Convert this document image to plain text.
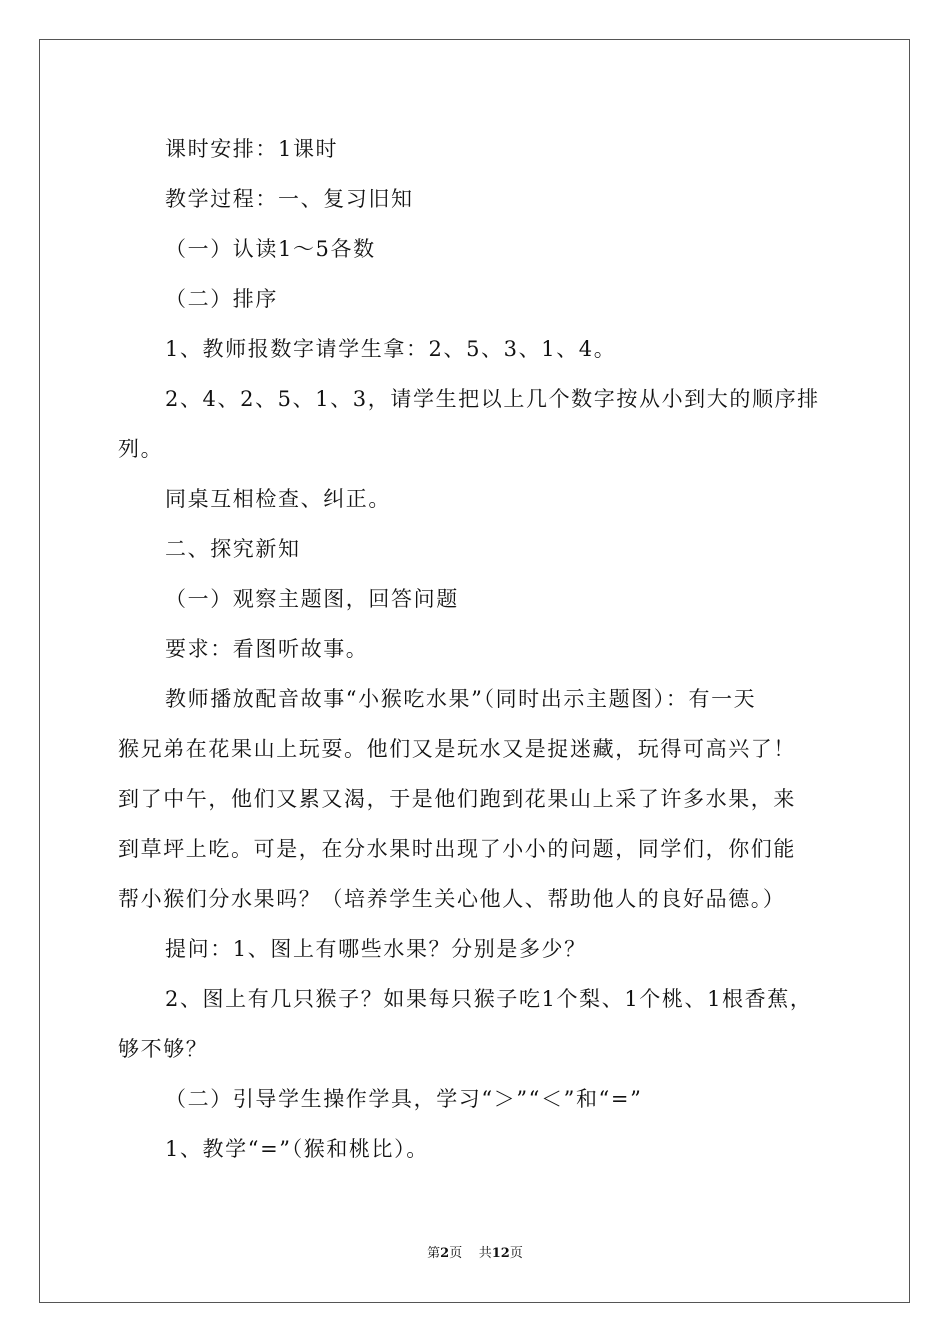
课时安排：1课时
教学过程：一、复习旧知
（一）认读1～5各数
（二）排序
1、教师报数字请学生拿：2、5、3、1、4。
2、4、2、5、1、3，请学生把以上几个数字按从小到大的顺序排
列。
同桌互相检查、纠正。
二、探究新知
（一）观察主题图，回答问题
要求：看图听故事。
教师播放配音故事“小猴吃水果”（同时出示主题图）：有一天
猴兄弟在花果山上玩耍。他们又是玩水又是捉迷藏，玩得可高兴了！
到了中午，他们又累又渴，于是他们跑到花果山上采了许多水果，来
到草坪上吃。可是，在分水果时出现了小小的问题，同学们，你们能
帮小猴们分水果吗？（培养学生关心他人、帮助他人的良好品德。）
提问：1、图上有哪些水果？分别是多少？
2、图上有几只猴子？如果每只猴子吃1个梨、1个桃、1根香蕉，
够不够？
（二）引导学生操作学具，学习“＞”“＜”和“=”
1、教学“=”（猴和桃比）。
第2页 共12页
